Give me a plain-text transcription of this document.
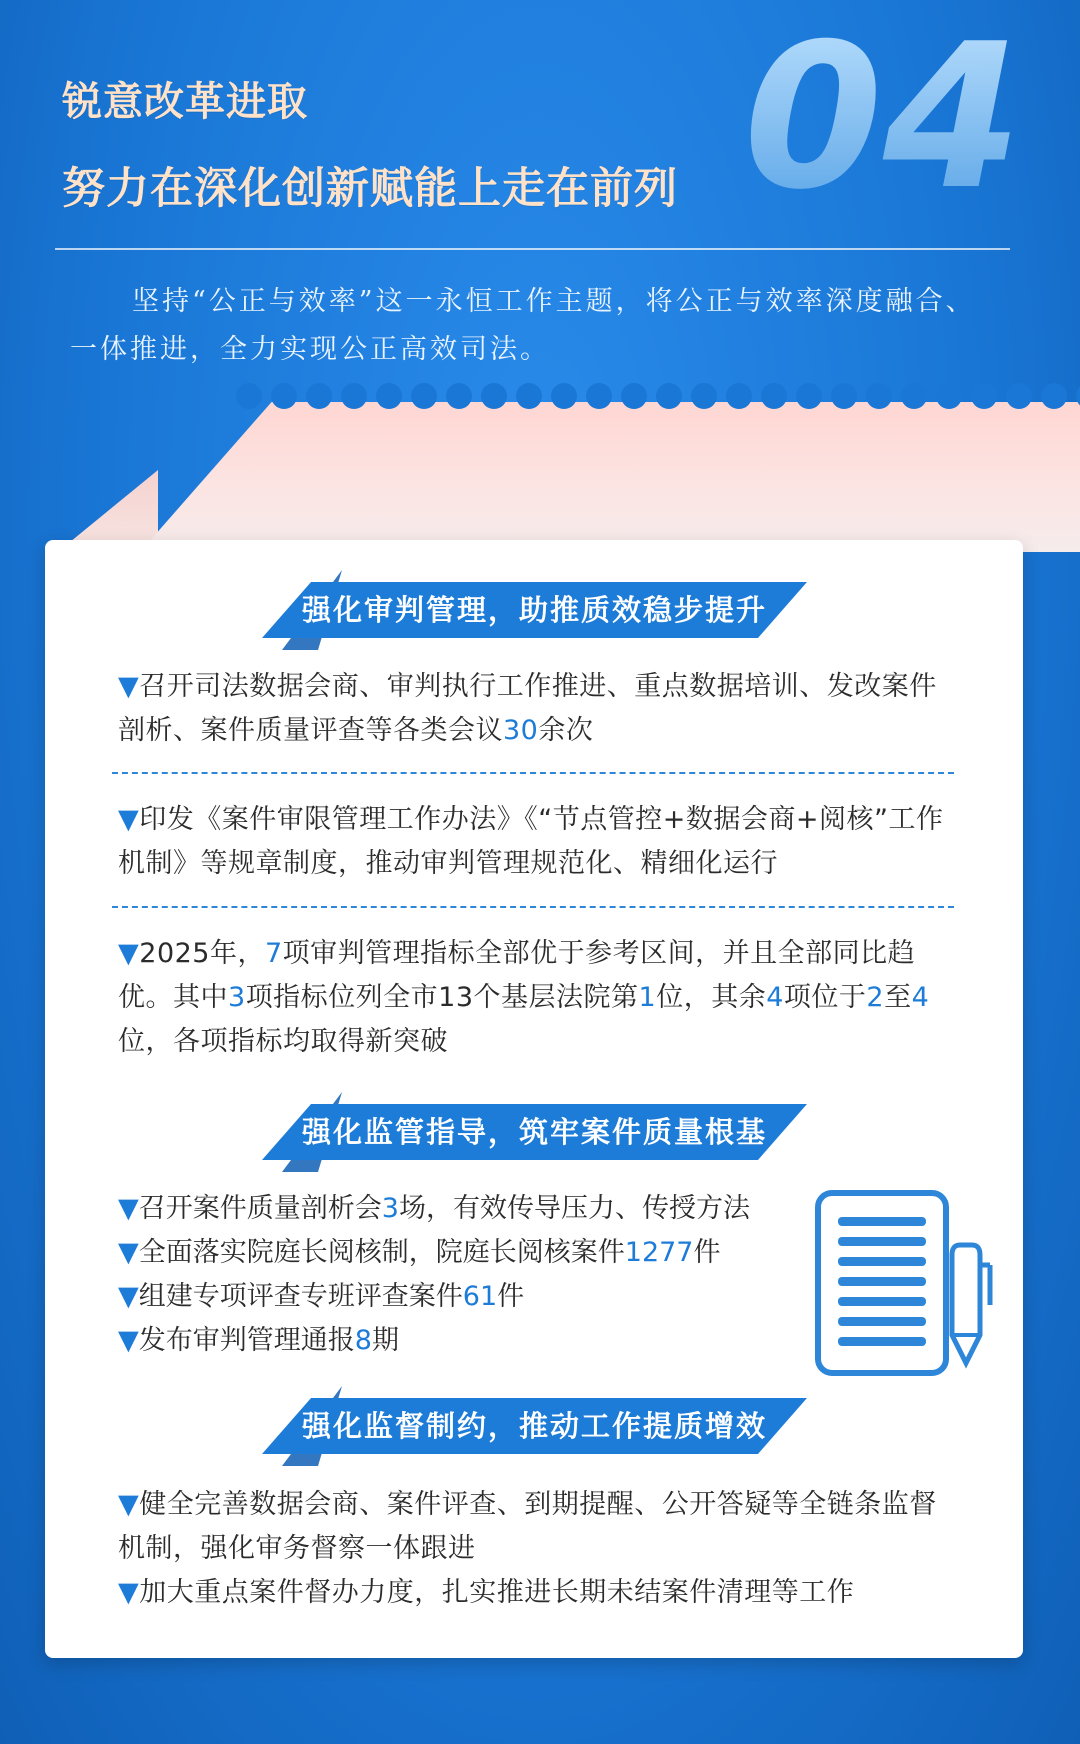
04
锐意改革进取
努力在深化创新赋能上走在前列
坚持“公正与效率”这一永恒工作主题，将公正与效率深度融合、一体推进，全力实现公正高效司法。
强化审判管理，助推质效稳步提升
▼召开司法数据会商、审判执行工作推进、重点数据培训、发改案件剖析、案件质量评查等各类会议30余次
▼印发《案件审限管理工作办法》《“节点管控+数据会商+阅核”工作机制》等规章制度，推动审判管理规范化、精细化运行
▼2025年，7项审判管理指标全部优于参考区间，并且全部同比趋优。其中3项指标位列全市13个基层法院第1位，其余4项位于2至4位，各项指标均取得新突破
强化监管指导，筑牢案件质量根基
▼召开案件质量剖析会3场，有效传导压力、传授方法
▼全面落实院庭长阅核制，院庭长阅核案件1277件
▼组建专项评查专班评查案件61件
▼发布审判管理通报8期
强化监督制约，推动工作提质增效
▼健全完善数据会商、案件评查、到期提醒、公开答疑等全链条监督机制，强化审务督察一体跟进
▼加大重点案件督办力度，扎实推进长期未结案件清理等工作
